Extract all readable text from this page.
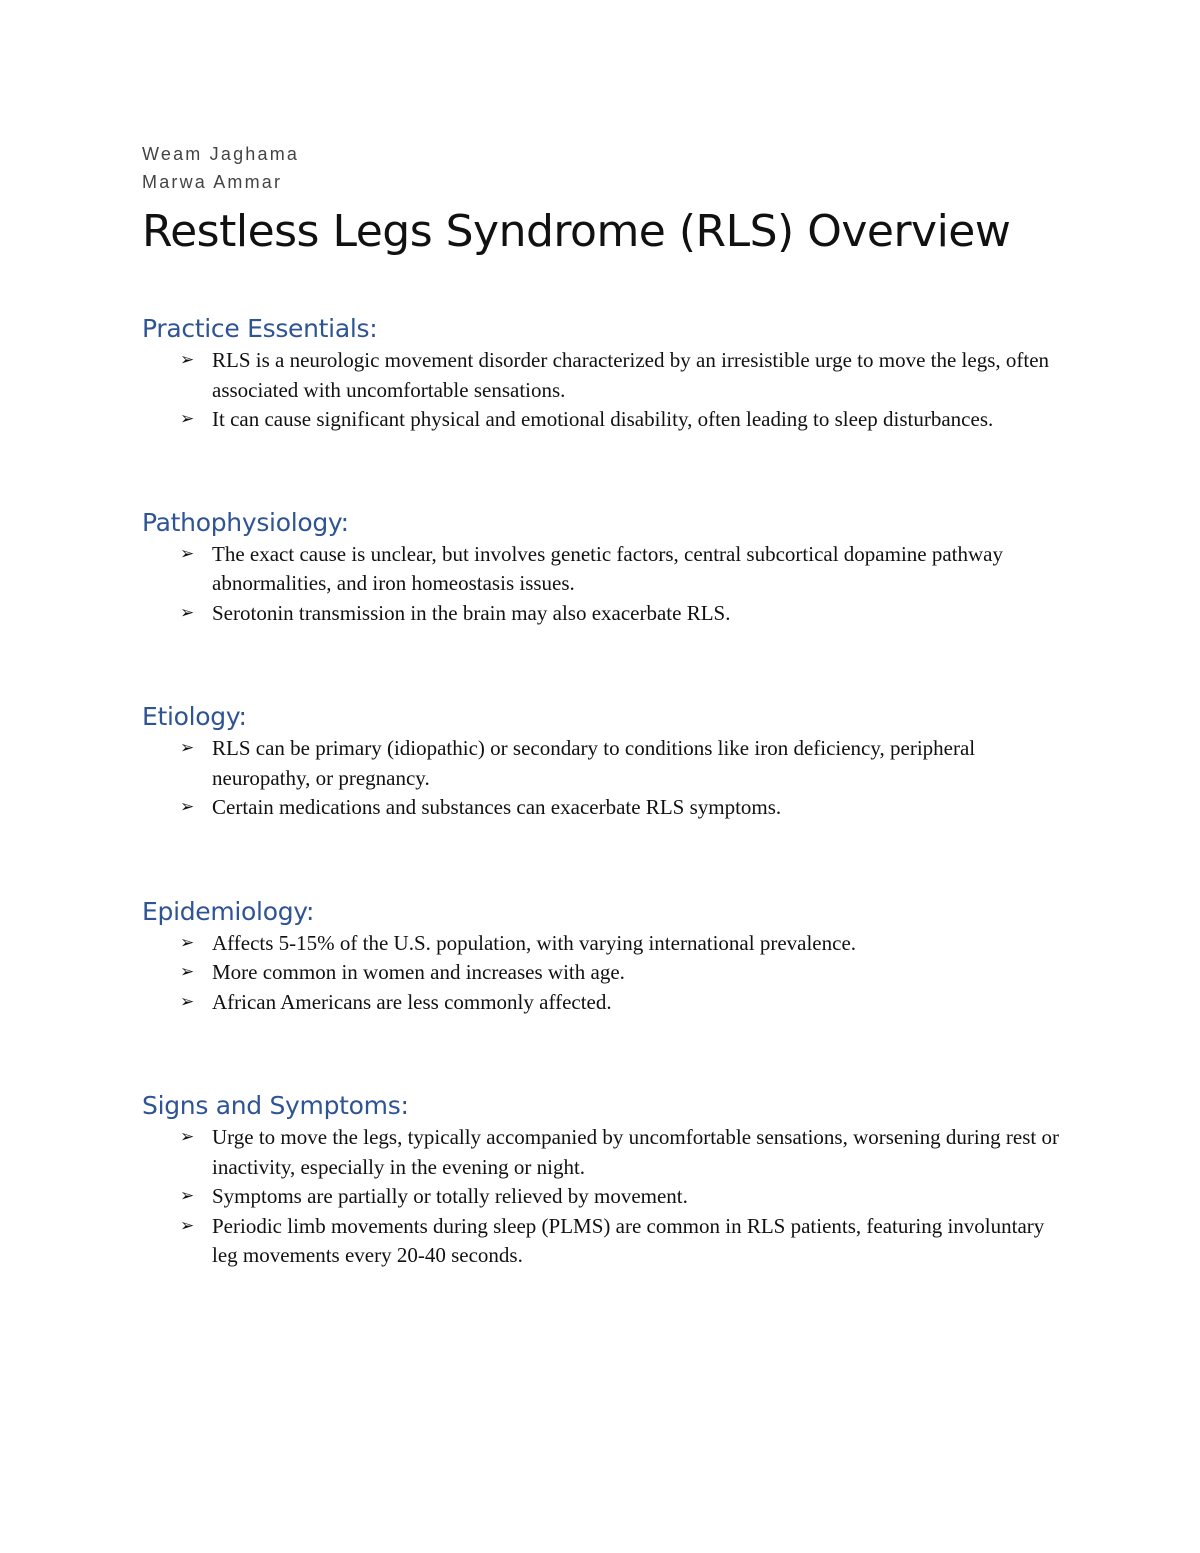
Weam Jaghama

Marwa Ammar

Restless Legs Syndrome (RLS) Overview
Practice Essentials:
➢ RLS is a neurologic movement disorder characterized by an irresistible urge to move the legs, often associated with uncomfortable sensations.
➢ It can cause significant physical and emotional disability, often leading to sleep disturbances.
Pathophysiology:
➢ The exact cause is unclear, but involves genetic factors, central subcortical dopamine pathway abnormalities, and iron homeostasis issues.
➢ Serotonin transmission in the brain may also exacerbate RLS.
Etiology:
➢ RLS can be primary (idiopathic) or secondary to conditions like iron deficiency, peripheral neuropathy, or pregnancy.
➢ Certain medications and substances can exacerbate RLS symptoms.
Epidemiology:
➢ Affects 5-15% of the U.S. population, with varying international prevalence.
➢ More common in women and increases with age.
➢ African Americans are less commonly affected.
Signs and Symptoms:
➢ Urge to move the legs, typically accompanied by uncomfortable sensations, worsening during rest or inactivity, especially in the evening or night.
➢ Symptoms are partially or totally relieved by movement.
➢ Periodic limb movements during sleep (PLMS) are common in RLS patients, featuring involuntary leg movements every 20-40 seconds.
